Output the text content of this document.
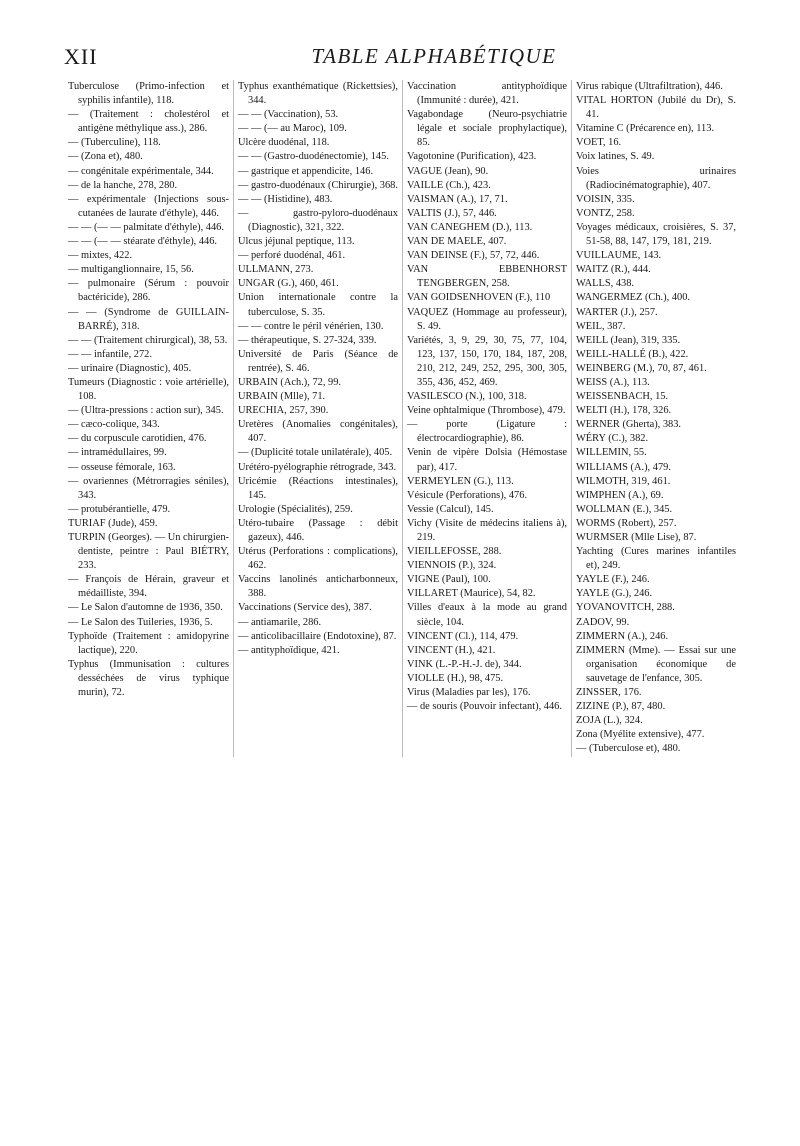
XII	TABLE ALPHABÉTIQUE
Tuberculose (Primo-infection et syphilis infantile), 118.
— (Traitement : cholestérol et antigène méthylique ass.), 286.
— (Tuberculine), 118.
— (Zona et), 480.
— congénitale expérimentale, 344.
— de la hanche, 278, 280.
— expérimentale (Injections sous-cutanées de laurate d'éthyle), 446.
— — (— — palmitate d'éthyle), 446.
— — (— — stéarate d'éthyle), 446.
— mixtes, 422.
— multiganglionnaire, 15, 56.
— pulmonaire (Sérum : pouvoir bactéricide), 286.
— — (Syndrome de GUILLAIN-BARRÉ), 318.
— — (Traitement chirurgical), 38, 53.
— — infantile, 272.
— urinaire (Diagnostic), 405.
Tumeurs (Diagnostic : voie artérielle), 108.
— (Ultra-pressions : action sur), 345.
— cæco-colique, 343.
— du corpuscule carotidien, 476.
— intramédullaires, 99.
— osseuse fémorale, 163.
— ovariennes (Métrorragies séniles), 343.
— protubérantielle, 479.
TURIAF (Jude), 459.
TURPIN (Georges). — Un chirurgien-dentiste, peintre : Paul BIÉTRY, 233.
— François de Hérain, graveur et médailliste, 394.
— Le Salon d'automne de 1936, 350.
— Le Salon des Tuileries, 1936, 5.
Typhoïde (Traitement : amidopyrine lactique), 220.
Typhus (Immunisation : cultures desséchées de virus typhique murin), 72.
Typhus exanthématique (Rickettsies), 344.
— — (Vaccination), 53.
— — (— au Maroc), 109.
Ulcère duodénal, 118.
— — (Gastro-duodénectomie), 145.
— gastrique et appendicite, 146.
— gastro-duodénaux (Chirurgie), 368.
— — (Histidine), 483.
— gastro-pyloro-duodénaux (Diagnostic), 321, 322.
Ulcus jéjunal peptique, 113.
— perforé duodénal, 461.
ULLMANN, 273.
UNGAR (G.), 460, 461.
Union internationale contre la tuberculose, S. 35.
— — contre le péril vénérien, 130.
— thérapeutique, S. 27-324, 339.
Université de Paris (Séance de rentrée), S. 46.
URBAIN (Ach.), 72, 99.
URBAIN (Mlle), 71.
URECHIA, 257, 390.
Uretères (Anomalies congénitales), 407.
— (Duplicité totale unilatérale), 405.
Urétéro-pyélographie rétrograde, 343.
Uricémie (Réactions intestinales), 145.
Urologie (Spécialités), 259.
Utéro-tubaire (Passage : débit gazeux), 446.
Utérus (Perforations : complications), 462.
Vaccins lanolinés anticharbonneux, 388.
Vaccinations (Service des), 387.
— antiamarile, 286.
— anticolibacillaire (Endotoxine), 87.
— antityphoïdique, 421.
Vaccination antityphoïdique (Immunité : durée), 421.
Vagabondage (Neuro-psychiatrie légale et sociale prophylactique), 85.
Vagotonine (Purification), 423.
VAGUE (Jean), 90.
VAILLE (Ch.), 423.
VAISMAN (A.), 17, 71.
VALTIS (J.), 57, 446.
VAN CANEGHEM (D.), 113.
VAN DE MAELE, 407.
VAN DEINSE (F.), 57, 72, 446.
VAN EBBENHORST TENGBERGEN, 258.
VAN GOIDSENHOVEN (F.), 110
VAQUEZ (Hommage au professeur), S. 49.
Variétés, 3, 9, 29, 30, 75, 77, 104, 123, 137, 150, 170, 184, 187, 208, 210, 212, 249, 252, 295, 300, 305, 355, 436, 452, 469.
VASILESCO (N.), 100, 318.
Veine ophtalmique (Thrombose), 479.
— porte (Ligature : électrocardiographie), 86.
Venin de vipère Dolsia (Hémostase par), 417.
VERMEYLEN (G.), 113.
Vésicule (Perforations), 476.
Vessie (Calcul), 145.
Vichy (Visite de médecins italiens à), 219.
VIEILLEFOSSE, 288.
VIENNOIS (P.), 324.
VIGNE (Paul), 100.
VILLARET (Maurice), 54, 82.
Villes d'eaux à la mode au grand siècle, 104.
VINCENT (Cl.), 114, 479.
VINCENT (H.), 421.
VINK (L.-P.-H.-J. de), 344.
VIOLLE (H.), 98, 475.
Virus (Maladies par les), 176.
— de souris (Pouvoir infectant), 446.
Virus rabique (Ultrafiltration), 446.
VITAL HORTON (Jubilé du Dr), S. 41.
Vitamine C (Précarence en), 113.
VOET, 16.
Voix latines, S. 49.
Voies urinaires (Radiocinématographie), 407.
VOISIN, 335.
VONTZ, 258.
Voyages médicaux, croisières, S. 37, 51-58, 88, 147, 179, 181, 219.
VUILLAUME, 143.
WAITZ (R.), 444.
WALLS, 438.
WANGERMEZ (Ch.), 400.
WARTER (J.), 257.
WEIL, 387.
WEILL (Jean), 319, 335.
WEILL-HALLÉ (B.), 422.
WEINBERG (M.), 70, 87, 461.
WEISS (A.), 113.
WEISSENBACH, 15.
WELTI (H.), 178, 326.
WERNER (Gherta), 383.
WÉRY (C.), 382.
WILLEMIN, 55.
WILLIAMS (A.), 479.
WILMOTH, 319, 461.
WIMPHEN (A.), 69.
WOLLMAN (E.), 345.
WORMS (Robert), 257.
WURMSER (Mlle Lise), 87.
Yachting (Cures marines infantiles et), 249.
YAYLE (F.), 246.
YAYLE (G.), 246.
YOVANOVITCH, 288.
ZADOV, 99.
ZIMMERN (A.), 246.
ZIMMERN (Mme). — Essai sur une organisation économique de sauvetage de l'enfance, 305.
ZINSSER, 176.
ZIZINE (P.), 87, 480.
ZOJA (L.), 324.
Zona (Myélite extensive), 477.
— (Tuberculose et), 480.
